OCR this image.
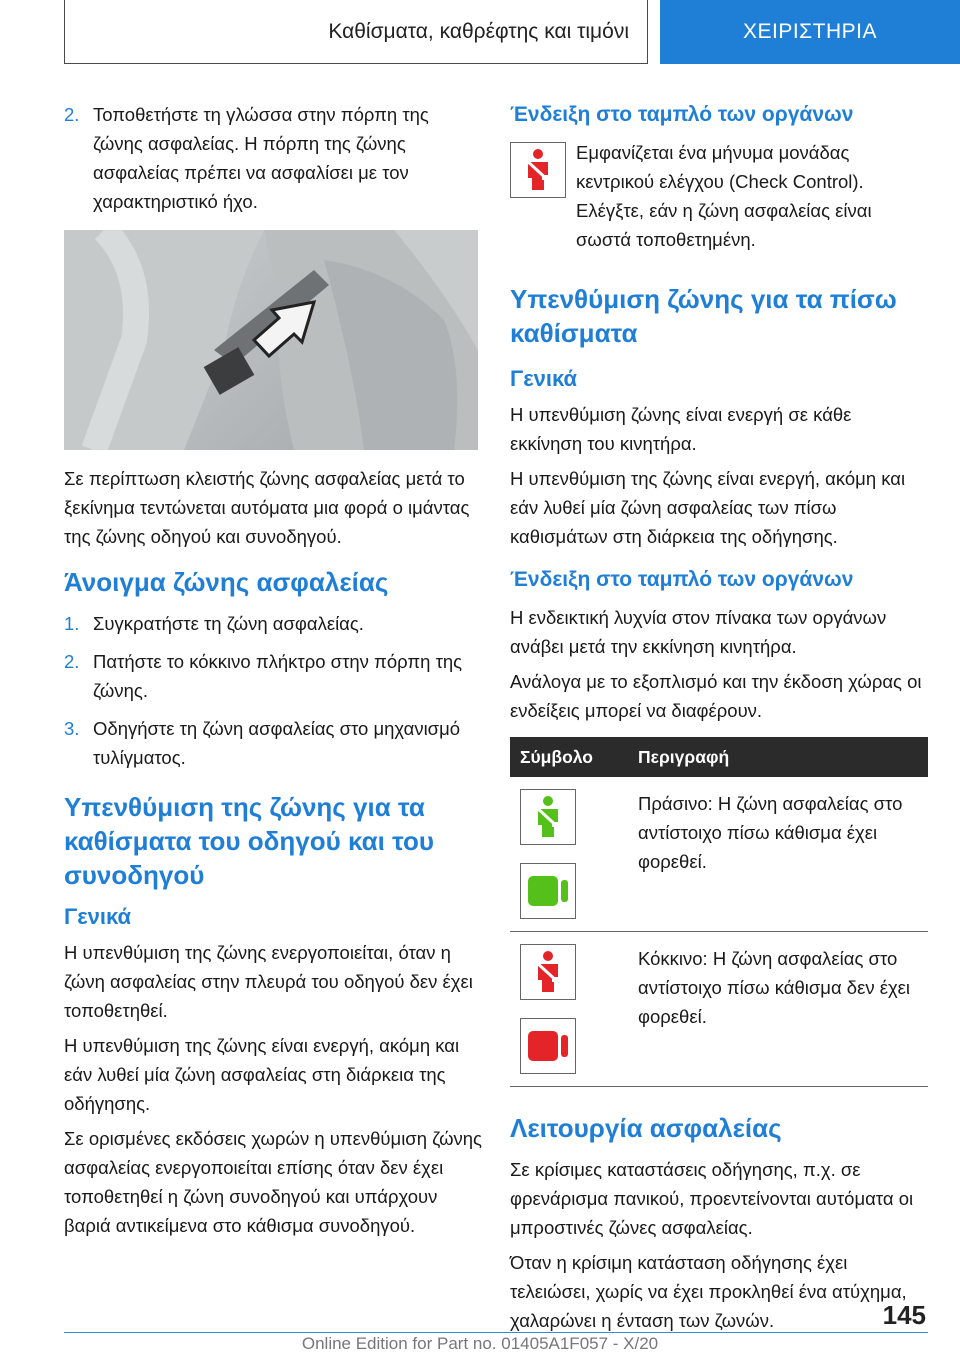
Καθίσματα, καθρέφτης και τιμόνι	ΧΕΙΡΙΣΤΗΡΙΑ
2. Τοποθετήστε τη γλώσσα στην πόρπη της ζώνης ασφαλείας. Η πόρπη της ζώνης ασφαλείας πρέπει να ασφαλίσει με τον χαρακτηριστικό ήχο.

Σε περίπτωση κλειστής ζώνης ασφαλείας μετά το ξεκίνημα τεντώνεται αυτόματα μια φορά ο ιμάντας της ζώνης οδηγού και συνοδηγού.

Άνοιγμα ζώνης ασφαλείας
1. Συγκρατήστε τη ζώνη ασφαλείας.
2. Πατήστε το κόκκινο πλήκτρο στην πόρπη της ζώνης.
3. Οδηγήστε τη ζώνη ασφαλείας στο μηχανισμό τυλίγματος.
Υπενθύμιση της ζώνης για τα καθίσματα του οδηγού και του συνοδηγού
Γενικά

Η υπενθύμιση της ζώνης ενεργοποιείται, όταν η ζώνη ασφαλείας στην πλευρά του οδηγού δεν έχει τοποθετηθεί.

Η υπενθύμιση της ζώνης είναι ενεργή, ακόμη και εάν λυθεί μία ζώνη ασφαλείας στη διάρκεια της οδήγησης.

Σε ορισμένες εκδόσεις χωρών η υπενθύμιση ζώνης ασφαλείας ενεργοποιείται επίσης όταν δεν έχει τοποθετηθεί η ζώνη συνοδηγού και υπάρχουν βαριά αντικείμενα στο κάθισμα συνοδηγού.

Ένδειξη στο ταμπλό των οργάνων

Εμφανίζεται ένα μήνυμα μονάδας κεντρικού ελέγχου (Check Control). Ελέγξτε, εάν η ζώνη ασφαλείας είναι σωστά τοποθετημένη.

Υπενθύμιση ζώνης για τα πίσω καθίσματα
Γενικά

Η υπενθύμιση ζώνης είναι ενεργή σε κάθε εκκίνηση του κινητήρα.

Η υπενθύμιση της ζώνης είναι ενεργή, ακόμη και εάν λυθεί μία ζώνη ασφαλείας των πίσω καθισμάτων στη διάρκεια της οδήγησης.

Ένδειξη στο ταμπλό των οργάνων

Η ενδεικτική λυχνία στον πίνακα των οργάνων ανάβει μετά την εκκίνηση κινητήρα.

Ανάλογα με το εξοπλισμό και την έκδοση χώρας οι ενδείξεις μπορεί να διαφέρουν.

Σύμβολο	Περιγραφή

	Πράσινο: Η ζώνη ασφαλείας στο αντίστοιχο πίσω κάθισμα έχει φορεθεί.

	Κόκκινο: Η ζώνη ασφαλείας στο αντίστοιχο πίσω κάθισμα δεν έχει φορεθεί.
Λειτουργία ασφαλείας

Σε κρίσιμες καταστάσεις οδήγησης, π.χ. σε φρενάρισμα πανικού, προεντείνονται αυτόματα οι μπροστινές ζώνες ασφαλείας.

Όταν η κρίσιμη κατάσταση οδήγησης έχει τελειώσει, χωρίς να έχει προκληθεί ένα ατύχημα, χαλαρώνει η ένταση των ζωνών.	145
Online Edition for Part no. 01405A1F057 - X/20
